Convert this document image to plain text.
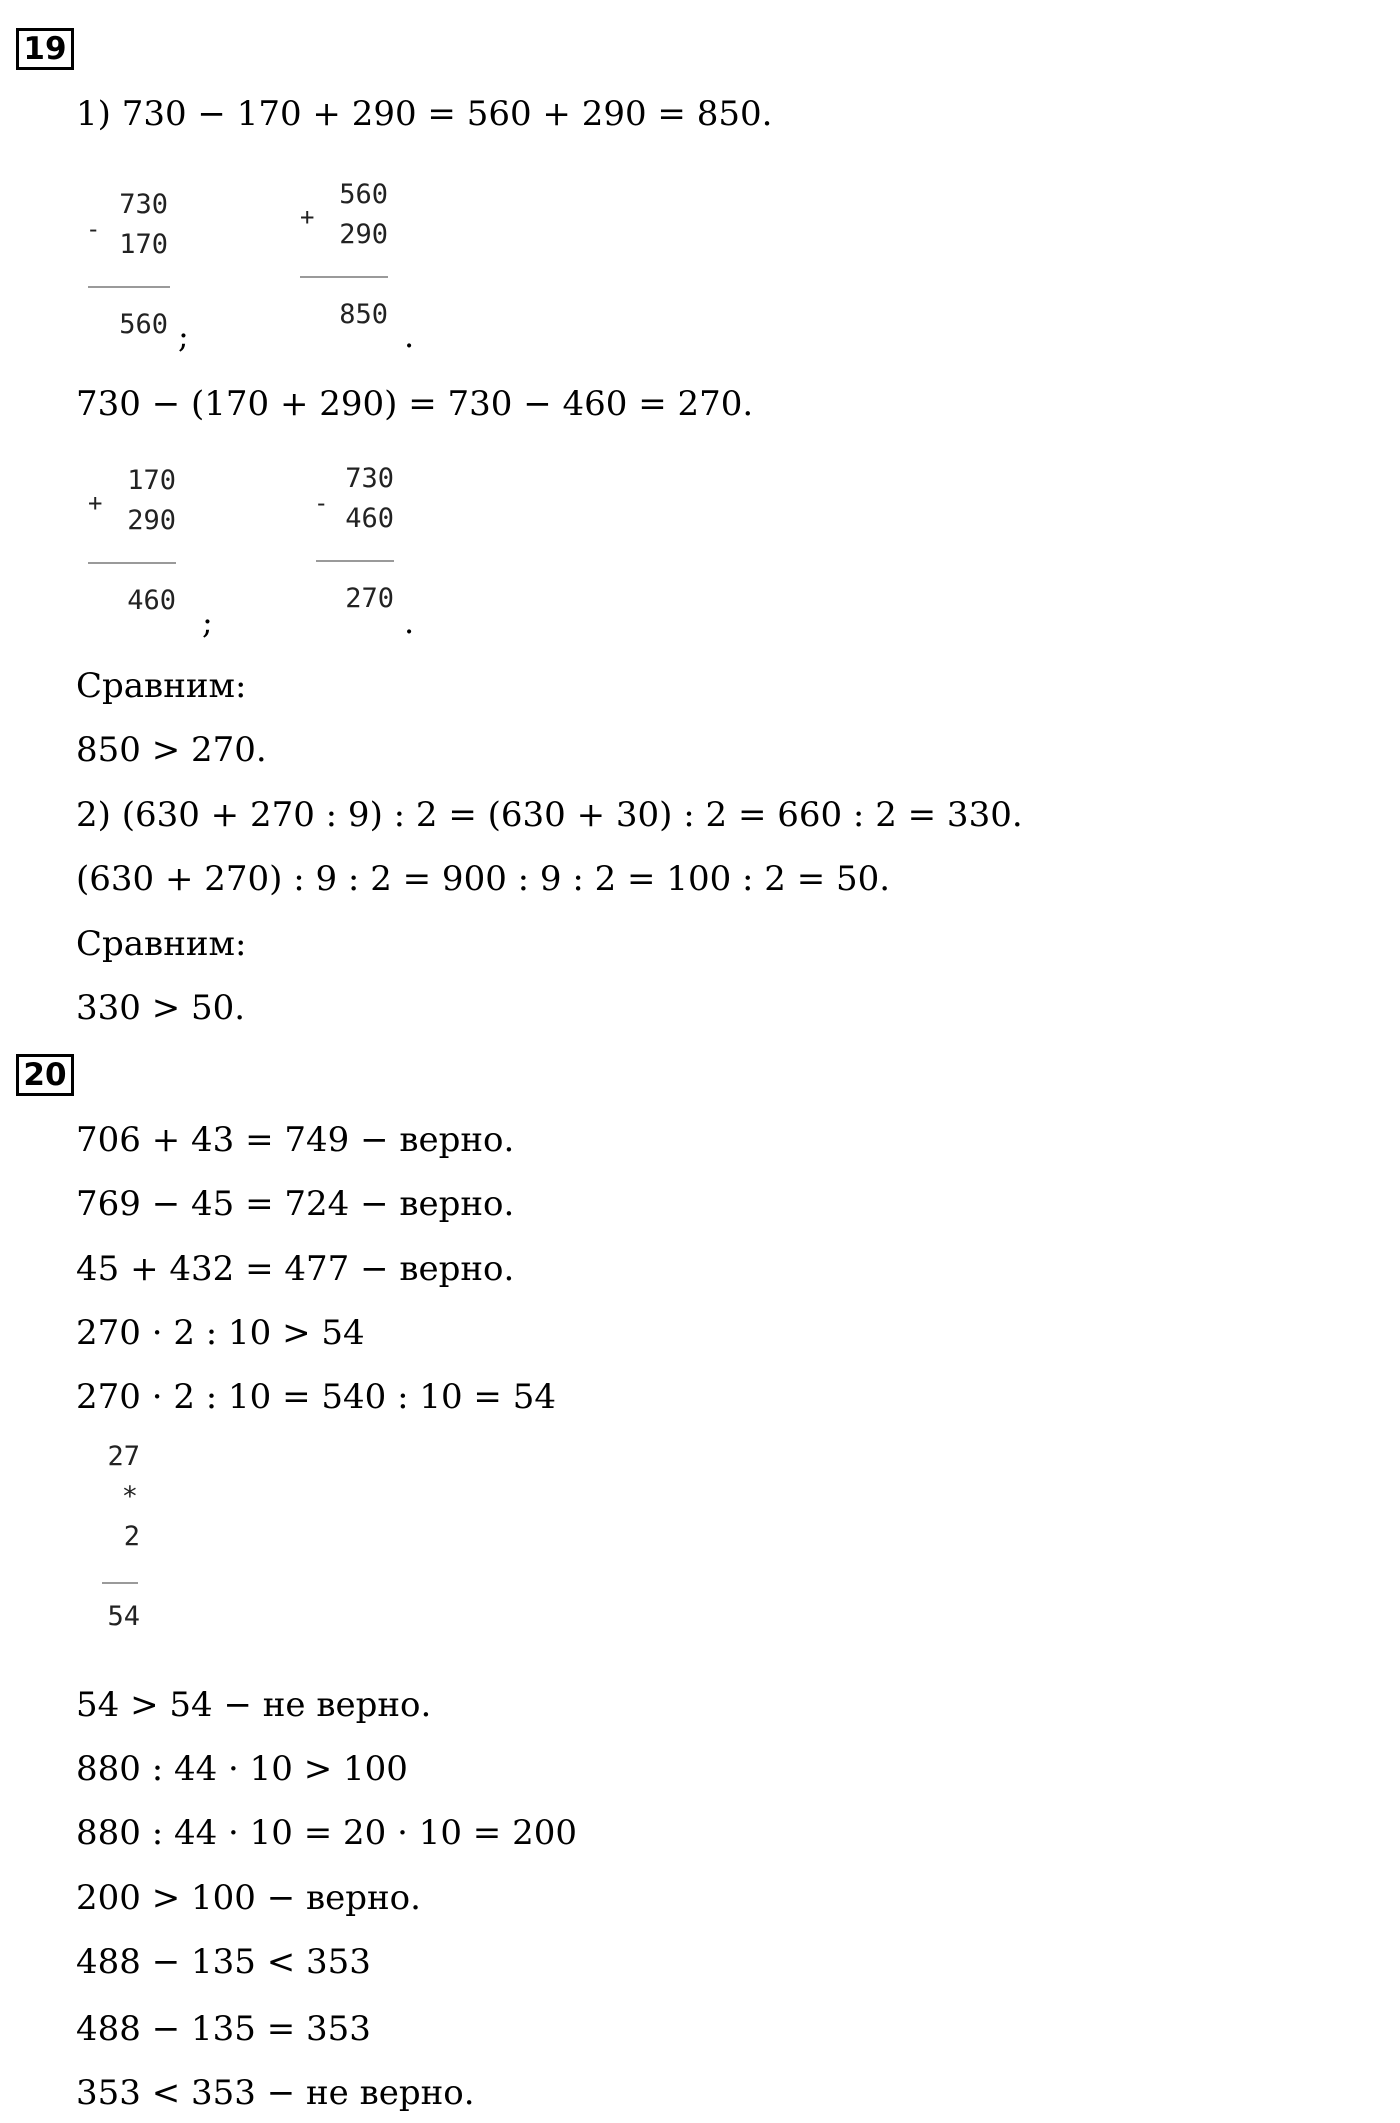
19
1) 730 − 170 + 290 = 560 + 290 = 850.
-
730
170
560 ;
+
560
290
850
.
730 − (170 + 290) = 730 − 460 = 270.
+
170
290
460
;
-
730
460
270
.
Сравним:
850 > 270.
2) (630 + 270 : 9) : 2 = (630 + 30) : 2 = 660 : 2 = 330.
(630 + 270) : 9 : 2 = 900 : 9 : 2 = 100 : 2 = 50.
Сравним:
330 > 50.
20
706 + 43 = 749 − верно.
769 − 45 = 724 − верно.
45 + 432 = 477 − верно.
270 · 2 : 10 > 54
270 · 2 : 10 = 540 : 10 = 54
27
*
2
54
54 > 54 − не верно.
880 : 44 · 10 > 100
880 : 44 · 10 = 20 · 10 = 200
200 > 100 − верно.
488 − 135 < 353
488 − 135 = 353
353 < 353 − не верно.
